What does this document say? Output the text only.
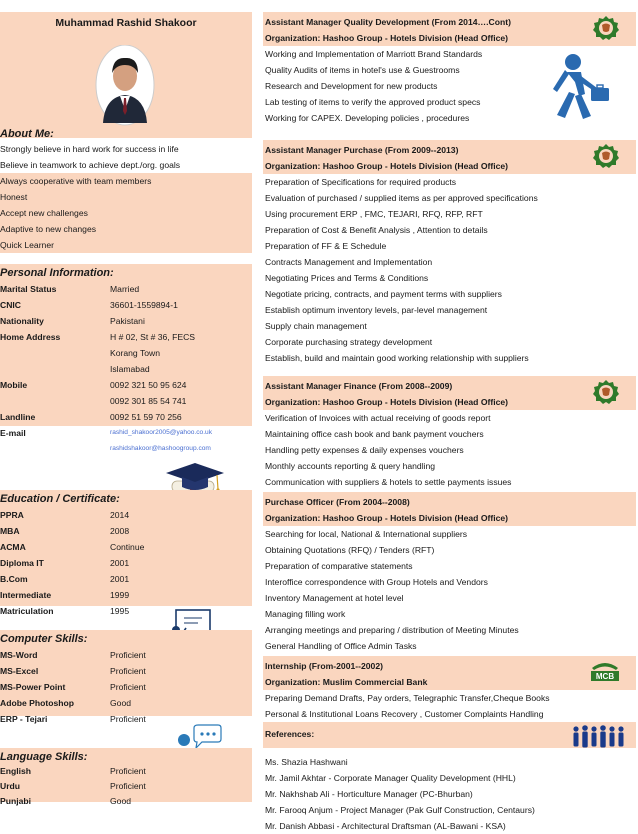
Muhammad Rashid Shakoor
About Me:
Strongly believe in hard work for success in life
Believe in teamwork to achieve dept./org. goals
Always cooperative with team members
Honest
Accept new challenges
Adaptive to new changes
Quick Learner
Personal Information:
Marital Status	Married
CNIC	36601-1559894-1
Nationality	Pakistani
Home Address	H # 02, St # 36, FECS
Korang Town
Islamabad
Mobile	0092 321 50 95 624
0092 301 85 54 741
Landline	0092 51 59 70 256
E-mail	rashid_shakoor2005@yahoo.co.uk
rashidshakoor@hashoogroup.com
Education / Certificate:
PPRA	2014
MBA	2008
ACMA	Continue
Diploma IT	2001
B.Com	2001
Intermediate	1999
Matriculation	1995
Computer Skills:
MS-Word	Proficient
MS-Excel	Proficient
MS-Power Point	Proficient
Adobe Photoshop	Good
ERP - Tejari	Proficient
Language Skills:
English	Proficient
Urdu	Proficient
Punjabi	Good
Assistant Manager Quality Development (From 2014….Cont)
Organization: Hashoo Group - Hotels Division (Head Office)
Working and Implementation of Marriott Brand Standards
Quality Audits of items in hotel's use & Guestrooms
Research and Development for new products
Lab testing of items to verify the approved product specs
Working for CAPEX. Developing policies , procedures
Assistant Manager Purchase (From 2009--2013)
Organization: Hashoo Group - Hotels Division (Head Office)
Preparation of Specifications for required products
Evaluation of purchased / supplied items as per approved specifications
Using procurement ERP , FMC, TEJARI, RFQ, RFP, RFT
Preparation of Cost & Benefit Analysis , Attention to details
Preparation of FF & E Schedule
Contracts Management and Implementation
Negotiating Prices and Terms & Conditions
Negotiate pricing, contracts, and payment terms with suppliers
Establish optimum inventory levels, par-level management
Supply chain management
Corporate purchasing strategy development
Establish, build and maintain good working relationship with suppliers
Assistant Manager Finance (From 2008--2009)
Organization: Hashoo Group - Hotels Division (Head Office)
Verification of Invoices with actual receiving of goods report
Maintaining office cash book and bank payment vouchers
Handling petty expenses & daily expenses vouchers
Monthly accounts reporting & query handling
Communication with suppliers & hotels to settle payments issues
Purchase Officer (From 2004--2008)
Organization: Hashoo Group - Hotels Division (Head Office)
Searching for local, National & International suppliers
Obtaining Quotations (RFQ) / Tenders (RFT)
Preparation of comparative statements
Interoffice correspondence with Group Hotels and Vendors
Inventory Management at hotel level
Managing filling work
Arranging meetings and preparing / distribution of Meeting Minutes
General Handling of Office Admin Tasks
Internship (From-2001--2002)
Organization: Muslim Commercial Bank
MCB
Preparing Demand Drafts, Pay orders, Telegraphic Transfer,Cheque Books
Personal & Institutional Loans Recovery , Customer Complaints Handling
References:
Ms. Shazia Hashwani
Mr. Jamil Akhtar - Corporate Manager Quality Development (HHL)
Mr. Nakhshab Ali - Horticulture Manager (PC-Bhurban)
Mr. Farooq Anjum - Project Manager (Pak Gulf Construction, Centaurs)
Mr. Danish Abbasi - Architectural Draftsman (AL-Bawani - KSA)
